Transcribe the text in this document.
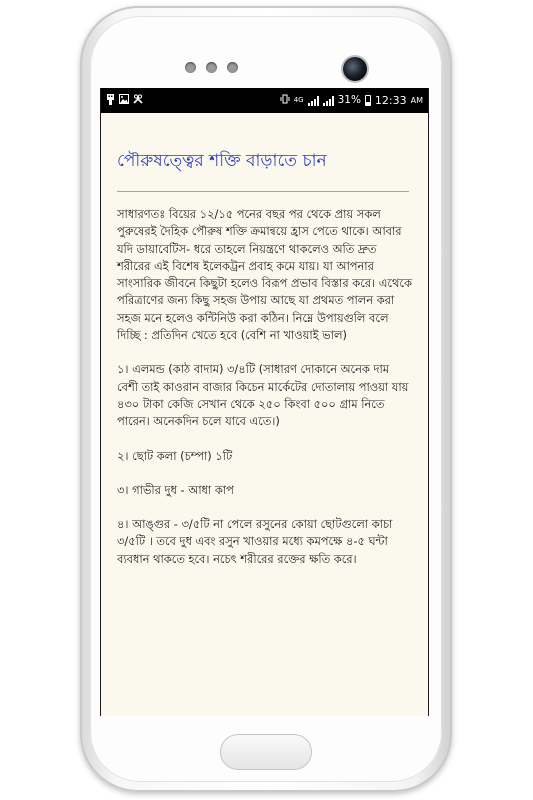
4G	31% 12:33 AM
পৌরুষত্ত্বের শক্তি বাড়াতে চান

সাধারণতঃ বিয়ের ১২/১৫ পনের বছর পর থেকে প্রায় সকল পুরুষেরই দৈহিক পৌরুষ শক্তি ক্রমান্বয়ে হ্রাস পেতে থাকে। আবার যদি ডায়াবেটিস- ধরে তাহলে নিয়ন্ত্রণে থাকলেও অতি দ্রুত শরীরের এই বিশেষ ইলেকট্রন প্রবাহ কমে যায়। যা আপনার সাংসারিক জীবনে কিছুটা হলেও বিরূপ প্রভাব বিস্তার করে। এথেকে পরিত্রাণের জন্য কিছু সহজ উপায় আছে যা প্রথমত পালন করা সহজ মনে হলেও কন্টিনিউ করা কঠিন। নিম্নে উপায়গুলি বলে দিচ্ছি : প্রতিদিন খেতে হবে (বেশি না খাওয়াই ভাল)

১। এলমন্ড (কাঠ বাদাম) ৩/৪টি (সাধারণ দোকানে অনেক দাম বেশী তাই কাওরান বাজার কিচেন মার্কেটের দোতালায় পাওয়া যায় ৪৩০ টাকা কেজি সেখান থেকে ২৫০ কিংবা ৫০০ গ্রাম নিতে পারেন। অনেকদিন চলে যাবে এতে।)

২। ছোট কলা (চম্পা) ১টি

৩। গাভীর দুধ - আধা কাপ

৪। আঙ্গুর - ৩/৫টি না পেলে রসুনের কোয়া ছোটগুলো কাচা ৩/৫টি । তবে দুধ এবং রসুন খাওয়ার মধ্যে কমপক্ষে ৪-৫ ঘন্টা ব্যবধান থাকতে হবে। নচেৎ শরীরের রক্তের ক্ষতি করে।
